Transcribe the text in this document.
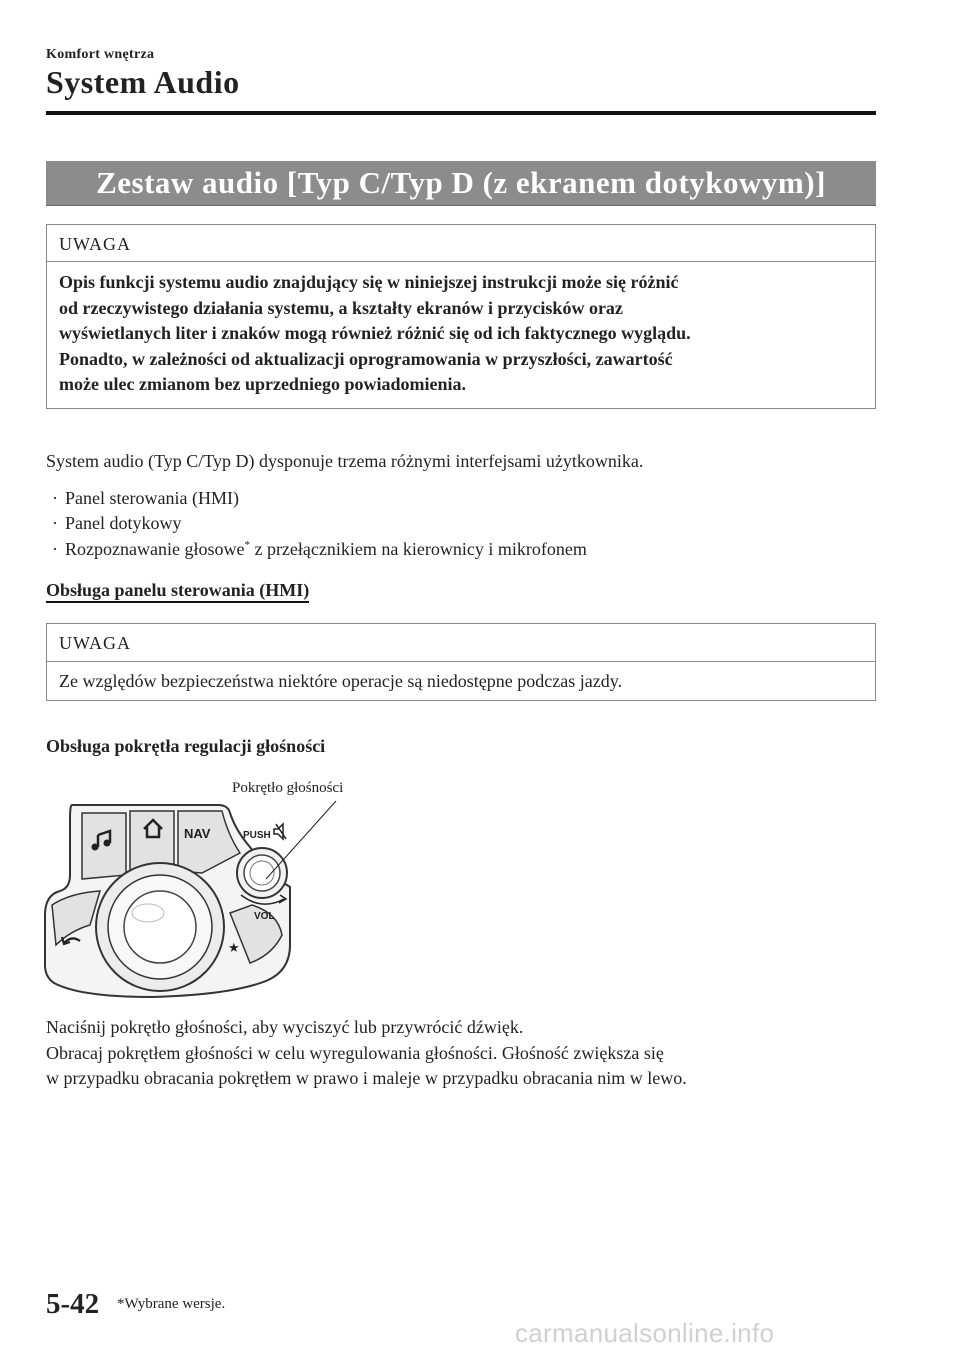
Komfort wnętrza
System Audio
Zestaw audio [Typ C/Typ D (z ekranem dotykowym)]
UWAGA
Opis funkcji systemu audio znajdujący się w niniejszej instrukcji może się różnić
od rzeczywistego działania systemu, a kształty ekranów i przycisków oraz
wyświetlanych liter i znaków mogą również różnić się od ich faktycznego wyglądu.
Ponadto, w zależności od aktualizacji oprogramowania w przyszłości, zawartość
może ulec zmianom bez uprzedniego powiadomienia.
System audio (Typ C/Typ D) dysponuje trzema różnymi interfejsami użytkownika.
· Panel sterowania (HMI)
· Panel dotykowy
· Rozpoznawanie głosowe* z przełącznikiem na kierownicy i mikrofonem
Obsługa panelu sterowania (HMI)
UWAGA
Ze względów bezpieczeństwa niektóre operacje są niedostępne podczas jazdy.
Obsługa pokrętła regulacji głośności
Pokrętło głośności
NAV
★
PUSH
VOL
Naciśnij pokrętło głośności, aby wyciszyć lub przywrócić dźwięk.
Obracaj pokrętłem głośności w celu wyregulowania głośności. Głośność zwiększa się
w przypadku obracania pokrętłem w prawo i maleje w przypadku obracania nim w lewo.
5-42 *Wybrane wersje.
carmanualsonline.info
